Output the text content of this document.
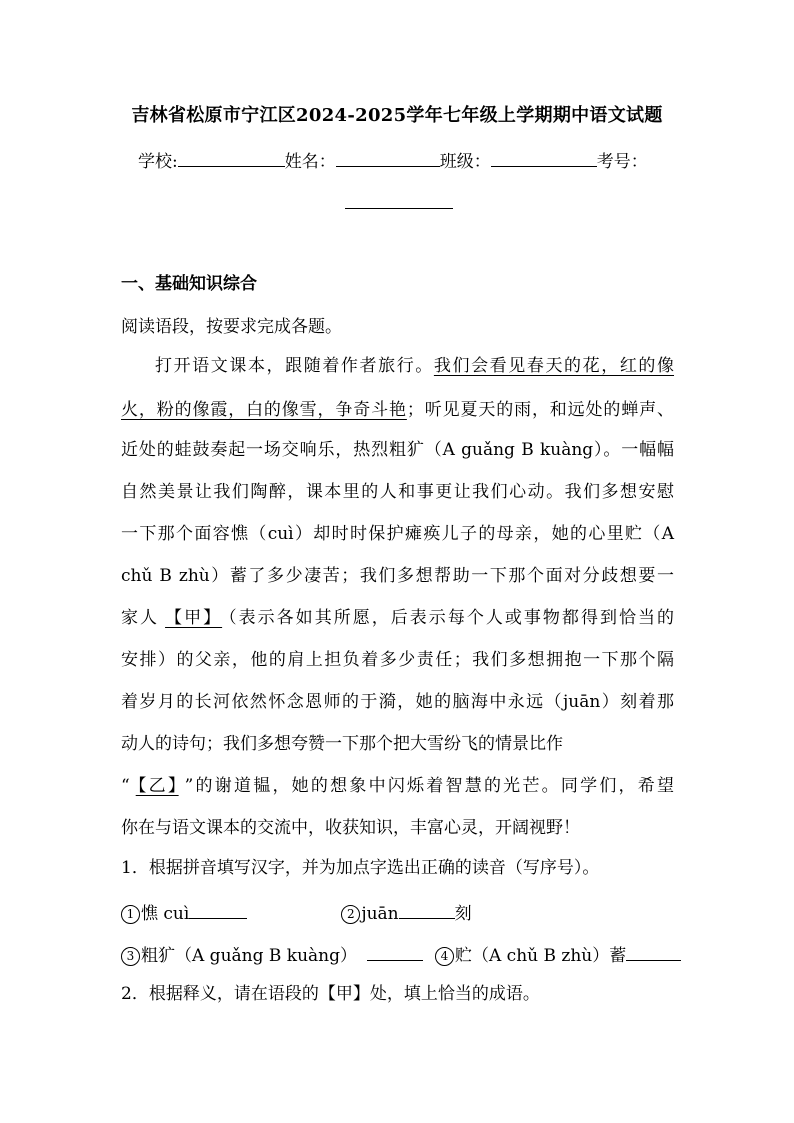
吉林省松原市宁江区2024-2025学年七年级上学期期中语文试题
学校:	姓名：	班级：	考号：
一、基础知识综合
阅读语段，按要求完成各题。
打开语文课本，跟随着作者旅行。我们会看见春天的花，红的像
火，粉的像霞，白的像雪，争奇斗艳；听见夏天的雨，和远处的蝉声、
近处的蛙鼓奏起一场交响乐，热烈粗犷（A guǎng B kuàng）。一幅幅
自然美景让我们陶醉，课本里的人和事更让我们心动。我们多想安慰
一下那个面容憔（cuì）却时时保护瘫痪儿子的母亲，她的心里贮（A
chǔ B zhù）蓄了多少凄苦；我们多想帮助一下那个面对分歧想要一
家人 【甲】 （表示各如其所愿，后表示每个人或事物都得到恰当的
安排）的父亲，他的肩上担负着多少责任；我们多想拥抱一下那个隔
着岁月的长河依然怀念恩师的于漪，她的脑海中永远（juān）刻着那
动人的诗句；我们多想夸赞一下那个把大雪纷飞的情景比作
“ 【乙】 ”的谢道韫，她的想象中闪烁着智慧的光芒。同学们，希望
你在与语文课本的交流中，收获知识，丰富心灵，开阔视野！
1．根据拼音填写汉字，并为加点字选出正确的读音（写序号）。
1 憔 cuì	2 juān	刻
3 粗犷（A guǎng B kuàng）	4 贮（A chǔ B zhù）蓄
2．根据释义，请在语段的【甲】处，填上恰当的成语。
